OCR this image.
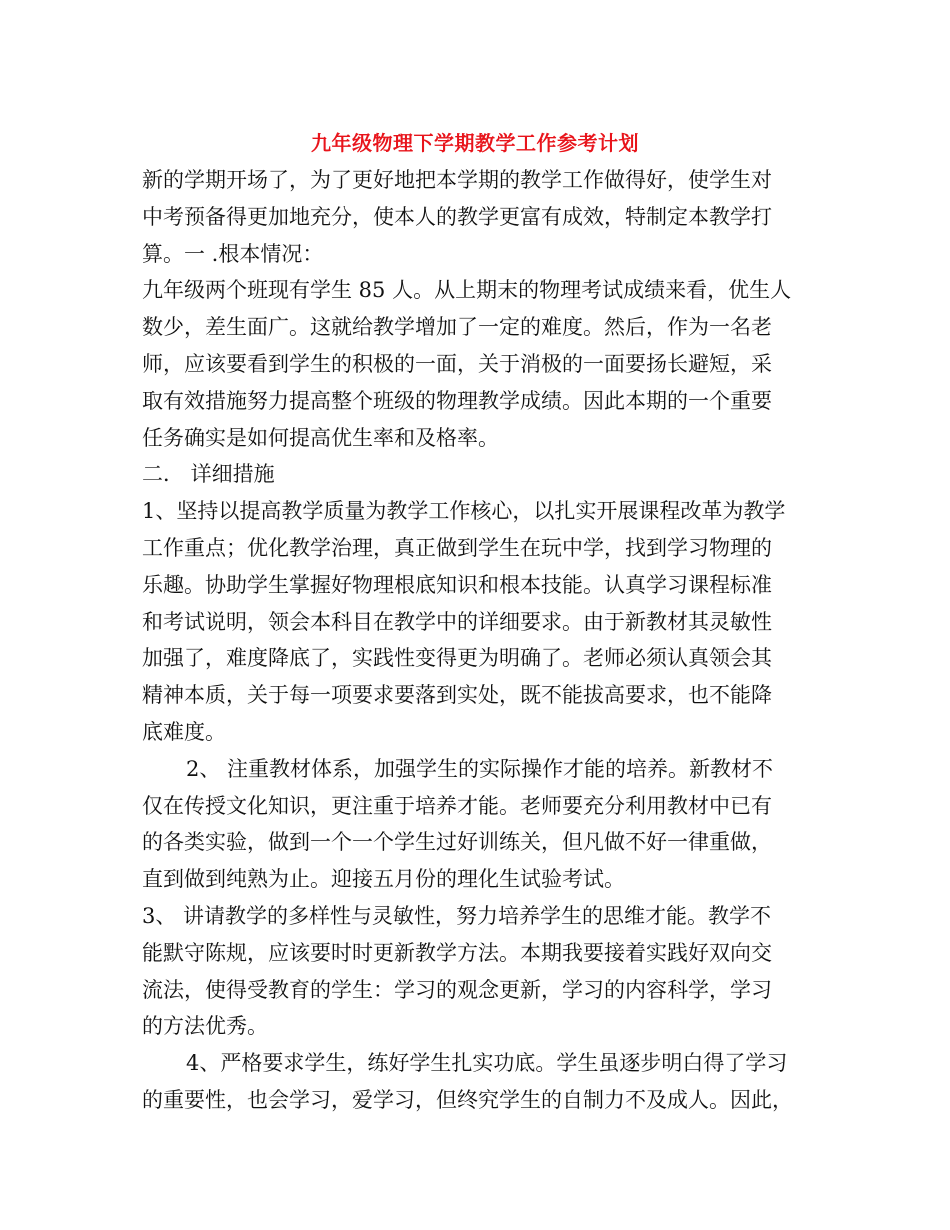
九年级物理下学期教学工作参考计划
新的学期开场了，为了更好地把本学期的教学工作做得好，使学生对
中考预备得更加地充分，使本人的教学更富有成效，特制定本教学打
算。一 .根本情况：
九年级两个班现有学生 85 人。从上期末的物理考试成绩来看，优生人
数少，差生面广。这就给教学增加了一定的难度。然后，作为一名老
师，应该要看到学生的积极的一面，关于消极的一面要扬长避短，采
取有效措施努力提高整个班级的物理教学成绩。因此本期的一个重要
任务确实是如何提高优生率和及格率。
二． 详细措施
1、坚持以提高教学质量为教学工作核心，以扎实开展课程改革为教学
工作重点；优化教学治理，真正做到学生在玩中学，找到学习物理的
乐趣。协助学生掌握好物理根底知识和根本技能。认真学习课程标准
和考试说明，领会本科目在教学中的详细要求。由于新教材其灵敏性
加强了，难度降底了，实践性变得更为明确了。老师必须认真领会其
精神本质，关于每一项要求要落到实处，既不能拔高要求，也不能降
底难度。
2、 注重教材体系，加强学生的实际操作才能的培养。新教材不
仅在传授文化知识，更注重于培养才能。老师要充分利用教材中已有
的各类实验，做到一个一个学生过好训练关，但凡做不好一律重做，
直到做到纯熟为止。迎接五月份的理化生试验考试。
3、 讲请教学的多样性与灵敏性，努力培养学生的思维才能。教学不
能默守陈规，应该要时时更新教学方法。本期我要接着实践好双向交
流法，使得受教育的学生：学习的观念更新，学习的内容科学，学习
的方法优秀。
4、严格要求学生，练好学生扎实功底。学生虽逐步明白得了学习
的重要性，也会学习，爱学习，但终究学生的自制力不及成人。因此，
